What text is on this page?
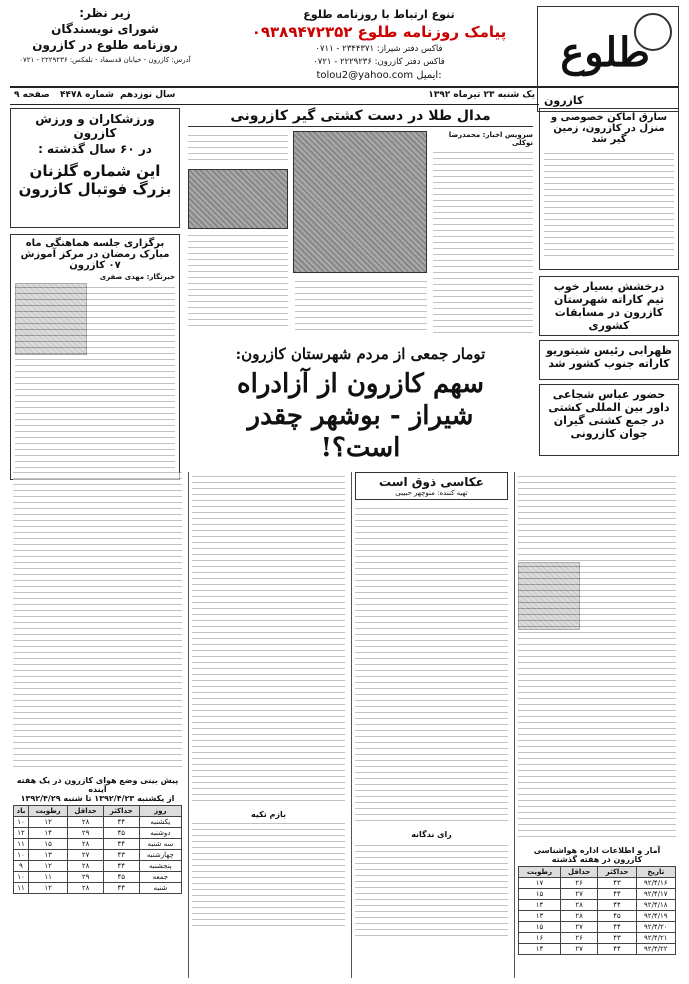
طلوع
کازرون
تنوع ارتباط با روزنامه طلوع
پیامک روزنامه طلوع ۰۹۳۸۹۴۷۲۳۵۲
فاکس دفتر شیراز: ۲۳۴۴۳۷۱ - ۰۷۱۱
فاکس دفتر کازرون: ۲۲۲۹۲۳۶ - ۰۷۲۱
tolou2@yahoo.com ایمیل:
زیر نظر:
شورای نویسندگان
روزنامه طلوع در کازرون
آدرس: کازرون - خیابان قدسفاد - تلفکس: ۲۲۲۹۲۳۶ - ۰۷۲۱
یک شنبه ۲۳ تیرماه ۱۳۹۲
سال نوزدهم
شماره ۴۴۷۸
صفحه ۹
سارق اماکن خصوصی و منزل در کازرون، زمین گیر شد
درخشش بسیار خوب تیم کاراته شهرستان کازرون در مسابقات کشوری
ظهرابی رئیس شیتوریو کاراته جنوب کشور شد
حضور عباس شجاعی داور بین المللی کشتی در جمع کشتی گیران جوان کازرونی
مدال طلا در دست کشتی گیر کازرونی
سرویس اخبار: محمدرضا توکلی
تومار جمعی از مردم شهرستان کازرون:
سهم کازرون از آزادراه
شیراز - بوشهر چقدر
است؟!
ورزشکاران و ورزش کازرون
در ۶۰ سال گذشته :
این شماره گلزنان بزرگ فوتبال کازرون
برگزاری جلسه هماهنگی ماه مبارک رمضان در مرکز آموزش ۰۷ کازرون
خبرنگار: مهدی صفری
آمار و اطلاعات اداره هواشناسی کازرون در هفته گذشته
تاریخ	حداکثر	حداقل	رطوبت
۹۲/۴/۱۶	۴۳	۲۶	۱۷
۹۲/۴/۱۷	۴۴	۲۷	۱۵
۹۲/۴/۱۸	۴۴	۲۸	۱۴
۹۲/۴/۱۹	۴۵	۲۸	۱۳
۹۲/۴/۲۰	۴۴	۲۷	۱۵
۹۲/۴/۲۱	۴۳	۲۶	۱۶
۹۲/۴/۲۲	۴۴	۲۷	۱۴
عکاسی ذوق است
تهیه کننده: منوچهر حبیبی
رای ندگانه
بازم تکیه
پیش بینی وضع هوای کازرون در یک هفته آینده
از یکشنبه ۱۳۹۲/۴/۲۳ تا شنبه ۱۳۹۲/۴/۲۹
روز	حداکثر	حداقل	رطوبت	باد
یکشنبه	۴۴	۲۸	۱۲	۱۰
دوشنبه	۴۵	۲۹	۱۴	۱۲
سه شنبه	۴۴	۲۸	۱۵	۱۱
چهارشنبه	۴۳	۲۷	۱۳	۱۰
پنجشنبه	۴۴	۲۸	۱۲	۹
جمعه	۴۵	۲۹	۱۱	۱۰
شنبه	۴۴	۲۸	۱۲	۱۱
